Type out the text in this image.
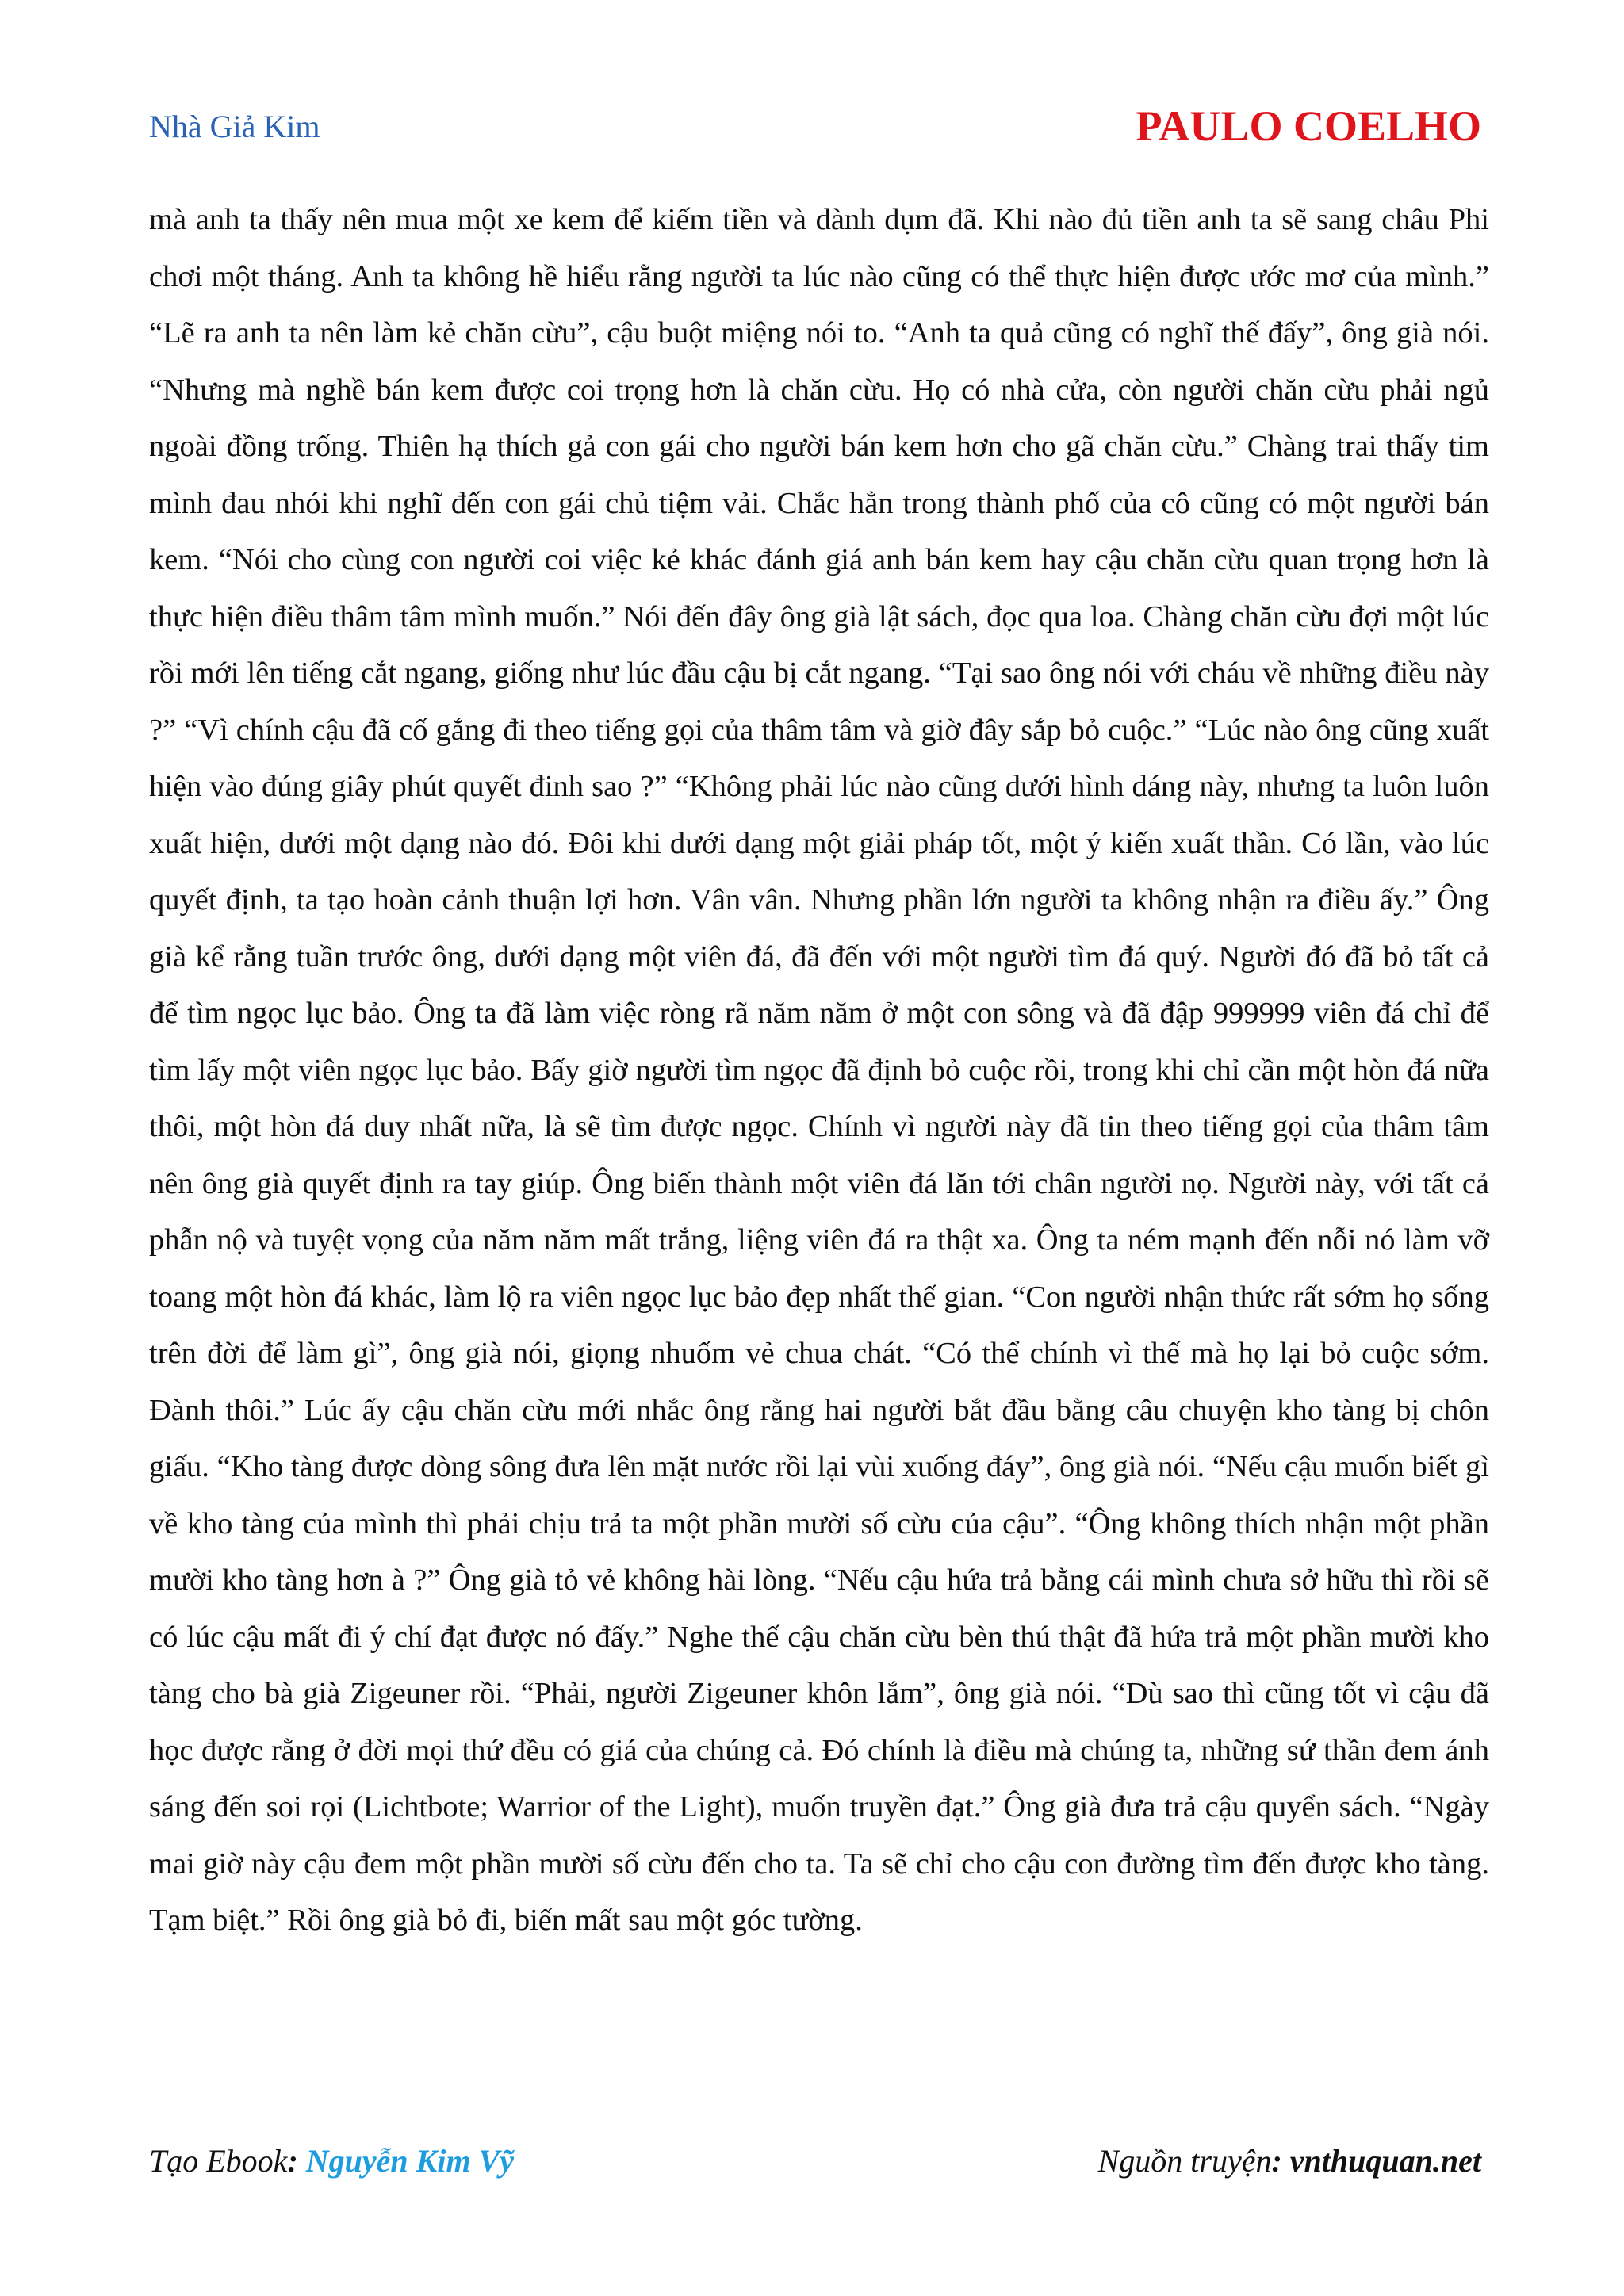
Nhà Giả Kim	PAULO COELHO

mà anh ta thấy nên mua một xe kem để kiếm tiền và dành dụm đã. Khi nào đủ tiền anh ta sẽ sang châu Phi chơi một tháng. Anh ta không hề hiểu rằng người ta lúc nào cũng có thể thực hiện được ước mơ của mình.” “Lẽ ra anh ta nên làm kẻ chăn cừu”, cậu buột miệng nói to. “Anh ta quả cũng có nghĩ thế đấy”, ông già nói. “Nhưng mà nghề bán kem được coi trọng hơn là chăn cừu. Họ có nhà cửa, còn người chăn cừu phải ngủ ngoài đồng trống. Thiên hạ thích gả con gái cho người bán kem hơn cho gã chăn cừu.” Chàng trai thấy tim mình đau nhói khi nghĩ đến con gái chủ tiệm vải. Chắc hẳn trong thành phố của cô cũng có một người bán kem. “Nói cho cùng con người coi việc kẻ khác đánh giá anh bán kem hay cậu chăn cừu quan trọng hơn là thực hiện điều thâm tâm mình muốn.” Nói đến đây ông già lật sách, đọc qua loa. Chàng chăn cừu đợi một lúc rồi mới lên tiếng cắt ngang, giống như lúc đầu cậu bị cắt ngang. “Tại sao ông nói với cháu về những điều này ?” “Vì chính cậu đã cố gắng đi theo tiếng gọi của thâm tâm và giờ đây sắp bỏ cuộc.” “Lúc nào ông cũng xuất hiện vào đúng giây phút quyết đinh sao ?” “Không phải lúc nào cũng dưới hình dáng này, nhưng ta luôn luôn xuất hiện, dưới một dạng nào đó. Đôi khi dưới dạng một giải pháp tốt, một ý kiến xuất thần. Có lần, vào lúc quyết định, ta tạo hoàn cảnh thuận lợi hơn. Vân vân. Nhưng phần lớn người ta không nhận ra điều ấy.” Ông già kể rằng tuần trước ông, dưới dạng một viên đá, đã đến với một người tìm đá quý. Người đó đã bỏ tất cả để tìm ngọc lục bảo. Ông ta đã làm việc ròng rã năm năm ở một con sông và đã đập 999999 viên đá chỉ để tìm lấy một viên ngọc lục bảo. Bấy giờ người tìm ngọc đã định bỏ cuộc rồi, trong khi chỉ cần một hòn đá nữa thôi, một hòn đá duy nhất nữa, là sẽ tìm được ngọc. Chính vì người này đã tin theo tiếng gọi của thâm tâm nên ông già quyết định ra tay giúp. Ông biến thành một viên đá lăn tới chân người nọ. Người này, với tất cả phẫn nộ và tuyệt vọng của năm năm mất trắng, liệng viên đá ra thật xa. Ông ta ném mạnh đến nỗi nó làm vỡ toang một hòn đá khác, làm lộ ra viên ngọc lục bảo đẹp nhất thế gian. “Con người nhận thức rất sớm họ sống trên đời để làm gì”, ông già nói, giọng nhuốm vẻ chua chát. “Có thể chính vì thế mà họ lại bỏ cuộc sớm. Đành thôi.” Lúc ấy cậu chăn cừu mới nhắc ông rằng hai người bắt đầu bằng câu chuyện kho tàng bị chôn giấu. “Kho tàng được dòng sông đưa lên mặt nước rồi lại vùi xuống đáy”, ông già nói. “Nếu cậu muốn biết gì về kho tàng của mình thì phải chịu trả ta một phần mười số cừu của cậu”. “Ông không thích nhận một phần mười kho tàng hơn à ?” Ông già tỏ vẻ không hài lòng. “Nếu cậu hứa trả bằng cái mình chưa sở hữu thì rồi sẽ có lúc cậu mất đi ý chí đạt được nó đấy.” Nghe thế cậu chăn cừu bèn thú thật đã hứa trả một phần mười kho tàng cho bà già Zigeuner rồi. “Phải, người Zigeuner khôn lắm”, ông già nói. “Dù sao thì cũng tốt vì cậu đã học được rằng ở đời mọi thứ đều có giá của chúng cả. Đó chính là điều mà chúng ta, những sứ thần đem ánh sáng đến soi rọi (Lichtbote; Warrior of the Light), muốn truyền đạt.” Ông già đưa trả cậu quyển sách. “Ngày mai giờ này cậu đem một phần mười số cừu đến cho ta. Ta sẽ chỉ cho cậu con đường tìm đến được kho tàng. Tạm biệt.” Rồi ông già bỏ đi, biến mất sau một góc tường.

Tạo Ebook: Nguyễn Kim Vỹ	Nguồn truyện: vnthuquan.net
